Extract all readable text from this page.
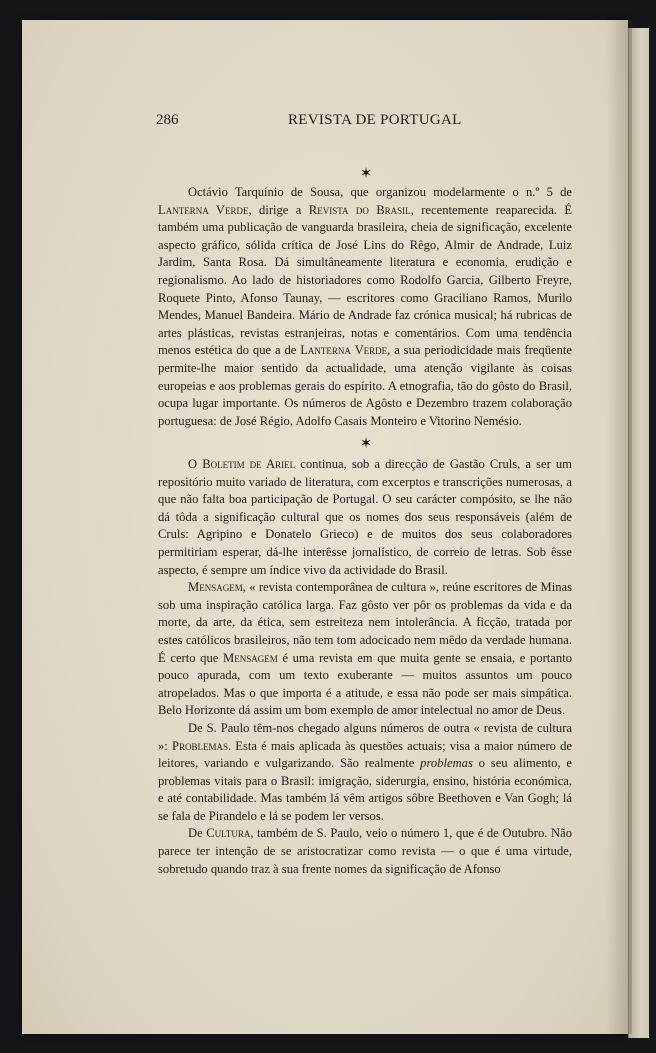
286	REVISTA DE PORTUGAL
✶

Octávio Tarquínio de Sousa, que organizou modelarmente o n.º 5 de Lanterna Verde, dirige a Revista do Brasil, recentemente reaparecida. É também uma publicação de vanguarda brasileira, cheia de significação, excelente aspecto gráfico, sólida crítica de José Lins do Rêgo, Almir de Andrade, Luiz Jardim, Santa Rosa. Dá simultâneamente literatura e economia, erudição e regionalismo. Ao lado de historiadores como Rodolfo Garcia, Gilberto Freyre, Roquete Pinto, Afonso Taunay, — escritores como Graciliano Ramos, Murilo Mendes, Manuel Bandeira. Mário de Andrade faz crónica musical; há rubricas de artes plásticas, revistas estranjeiras, notas e comentários. Com uma tendência menos estética do que a de Lanterna Verde, a sua periodicidade mais freqüente permite-lhe maior sentido da actualidade, uma atenção vigilante às coisas europeias e aos problemas gerais do espírito. A etnografia, tão do gôsto do Brasil, ocupa lugar importante. Os números de Agôsto e Dezembro trazem colaboração portuguesa: de José Régio, Adolfo Casais Monteiro e Vitorino Nemésio.

✶

O Boletim de Ariel continua, sob a direcção de Gastão Cruls, a ser um repositório muito variado de literatura, com excerptos e transcrições numerosas, a que não falta boa participação de Portugal. O seu carácter compósito, se lhe não dá tôda a significação cultural que os nomes dos seus responsáveis (além de Cruls: Agripino e Donatelo Grieco) e de muitos dos seus colaboradores permitiriam esperar, dá-lhe interêsse jornalístico, de correio de letras. Sob êsse aspecto, é sempre um índice vivo da actividade do Brasil.

Mensagem, « revista contemporânea de cultura », reúne escritores de Minas sob uma inspiração católica larga. Faz gôsto ver pôr os problemas da vida e da morte, da arte, da ética, sem estreiteza nem intolerância. A ficção, tratada por estes católicos brasileiros, não tem tom adocicado nem mêdo da verdade humana. É certo que Mensagem é uma revista em que muita gente se ensaia, e portanto pouco apurada, com um texto exuberante — muitos assuntos um pouco atropelados. Mas o que importa é a atitude, e essa não pode ser mais simpática. Belo Horizonte dá assim um bom exemplo de amor intelectual no amor de Deus.

De S. Paulo têm-nos chegado alguns números de outra « revista de cultura »: Problemas. Esta é mais aplicada às questões actuais; visa a maior número de leitores, variando e vulgarizando. São realmente problemas o seu alimento, e problemas vitais para o Brasil: imigração, siderurgia, ensino, história económica, e até contabilidade. Mas também lá vêm artigos sôbre Beethoven e Van Gogh; lá se fala de Pirandelo e lá se podem ler versos.

De Cultura, também de S. Paulo, veio o número 1, que é de Outubro. Não parece ter intenção de se aristocratizar como revista — o que é uma virtude, sobretudo quando traz à sua frente nomes da significação de Afonso
